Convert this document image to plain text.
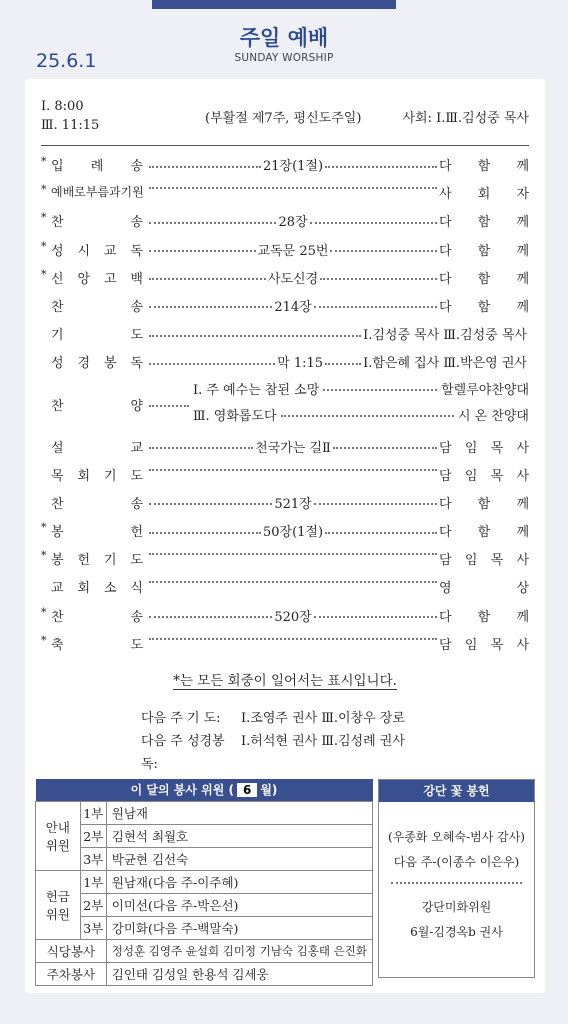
25.6.1
주일 예배
SUNDAY WORSHIP
Ⅰ. 8:00
Ⅲ. 11:15	(부활절 제7주, 평신도주일)	사회: Ⅰ.Ⅲ.김성중 목사
* 입 례 송	21장(1절)	다 함 께
* 예배로부름과기원	사 회 자
* 찬	송	28장	다 함 께
* 성 시 교 독	교독문 25번	다 함 께
* 신 앙 고 백	사도신경	다 함 께
찬	송	214장	다 함 께
기	도	Ⅰ.김성중 목사 Ⅲ.김성중 목사
성 경 봉 독	막 1:15	Ⅰ.함은혜 집사 Ⅲ.박은영 권사
찬	양
Ⅰ. 주 예수는 참된 소망	할렐루야찬양대
Ⅲ. 영화롭도다	시 온 찬양대
설	교	천국가는 길Ⅱ	담 임 목 사
목 회 기 도	담 임 목 사
찬	송	521장	다 함 께
* 봉	헌	50장(1절)	다 함 께
* 봉 헌 기 도	담 임 목 사
교 회 소 식	영	상
* 찬	송	520장	다 함 께
* 축	도	담 임 목 사
*는 모든 회중이 일어서는 표시입니다.
다음 주 기 도:	Ⅰ.조영주 권사 Ⅲ.이창우 장로
다음 주 성경봉독:
Ⅰ.허석현 권사 Ⅲ.김성례 권사
이 달의 봉사 위원 ( 6 월)		
안내
위원	1부	원남재
	2부	김현석 최월호
	3부	박균현 김선숙
헌금
위원	1부	원남재(다음 주-이주혜)
	2부	이미선(다음 주-박은선)
	3부	강미화(다음 주-백말숙)
식당봉사		정성훈 김영주 윤설희 김미정 기남숙 김홍태 은진화
주차봉사		김인태 김성일 한용석 김세웅
강단 꽃 봉헌
(우종화 오혜숙-범사 감사)
다음 주-(이종수 이은우)
강단미화위원
6월-김경옥b 권사
